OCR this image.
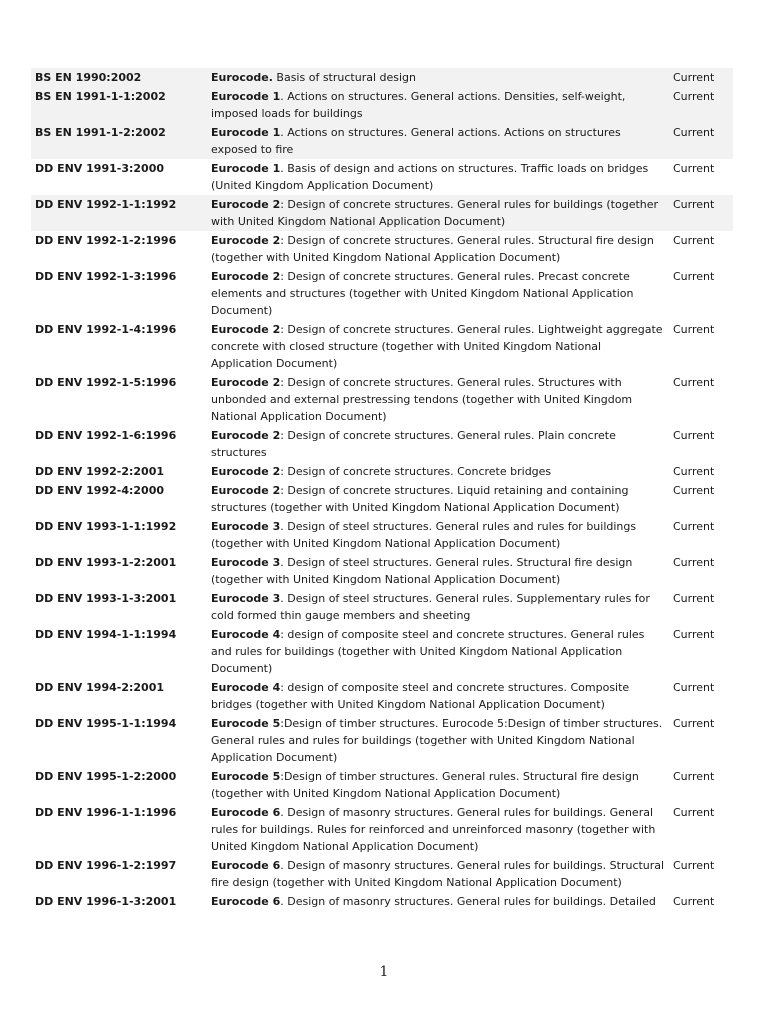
BS EN 1990:2002	Eurocode. Basis of structural design	Current
BS EN 1991-1-1:2002	Eurocode 1. Actions on structures. General actions. Densities, self-weight, imposed loads for buildings	Current
BS EN 1991-1-2:2002	Eurocode 1. Actions on structures. General actions. Actions on structures exposed to fire	Current
DD ENV 1991-3:2000	Eurocode 1. Basis of design and actions on structures. Traffic loads on bridges (United Kingdom Application Document)	Current
DD ENV 1992-1-1:1992	Eurocode 2: Design of concrete structures. General rules for buildings (together with United Kingdom National Application Document)	Current
DD ENV 1992-1-2:1996	Eurocode 2: Design of concrete structures. General rules. Structural fire design (together with United Kingdom National Application Document)	Current
DD ENV 1992-1-3:1996	Eurocode 2: Design of concrete structures. General rules. Precast concrete elements and structures (together with United Kingdom National Application Document)	Current
DD ENV 1992-1-4:1996	Eurocode 2: Design of concrete structures. General rules. Lightweight aggregate concrete with closed structure (together with United Kingdom National Application Document)	Current
DD ENV 1992-1-5:1996	Eurocode 2: Design of concrete structures. General rules. Structures with unbonded and external prestressing tendons (together with United Kingdom National Application Document)	Current
DD ENV 1992-1-6:1996	Eurocode 2: Design of concrete structures. General rules. Plain concrete structures	Current
DD ENV 1992-2:2001	Eurocode 2: Design of concrete structures. Concrete bridges	Current
DD ENV 1992-4:2000	Eurocode 2: Design of concrete structures. Liquid retaining and containing structures (together with United Kingdom National Application Document)	Current
DD ENV 1993-1-1:1992	Eurocode 3. Design of steel structures. General rules and rules for buildings (together with United Kingdom National Application Document)	Current
DD ENV 1993-1-2:2001	Eurocode 3. Design of steel structures. General rules. Structural fire design (together with United Kingdom National Application Document)	Current
DD ENV 1993-1-3:2001	Eurocode 3. Design of steel structures. General rules. Supplementary rules for cold formed thin gauge members and sheeting	Current
DD ENV 1994-1-1:1994	Eurocode 4: design of composite steel and concrete structures. General rules and rules for buildings (together with United Kingdom National Application Document)	Current
DD ENV 1994-2:2001	Eurocode 4: design of composite steel and concrete structures. Composite bridges (together with United Kingdom National Application Document)	Current
DD ENV 1995-1-1:1994	Eurocode 5:Design of timber structures. Eurocode 5:Design of timber structures. General rules and rules for buildings (together with United Kingdom National Application Document)	Current
DD ENV 1995-1-2:2000	Eurocode 5:Design of timber structures. General rules. Structural fire design (together with United Kingdom National Application Document)	Current
DD ENV 1996-1-1:1996	Eurocode 6. Design of masonry structures. General rules for buildings. General rules for buildings. Rules for reinforced and unreinforced masonry (together with United Kingdom National Application Document)	Current
DD ENV 1996-1-2:1997	Eurocode 6. Design of masonry structures. General rules for buildings. Structural fire design (together with United Kingdom National Application Document)	Current
DD ENV 1996-1-3:2001	Eurocode 6. Design of masonry structures. General rules for buildings. Detailed	Current
1
